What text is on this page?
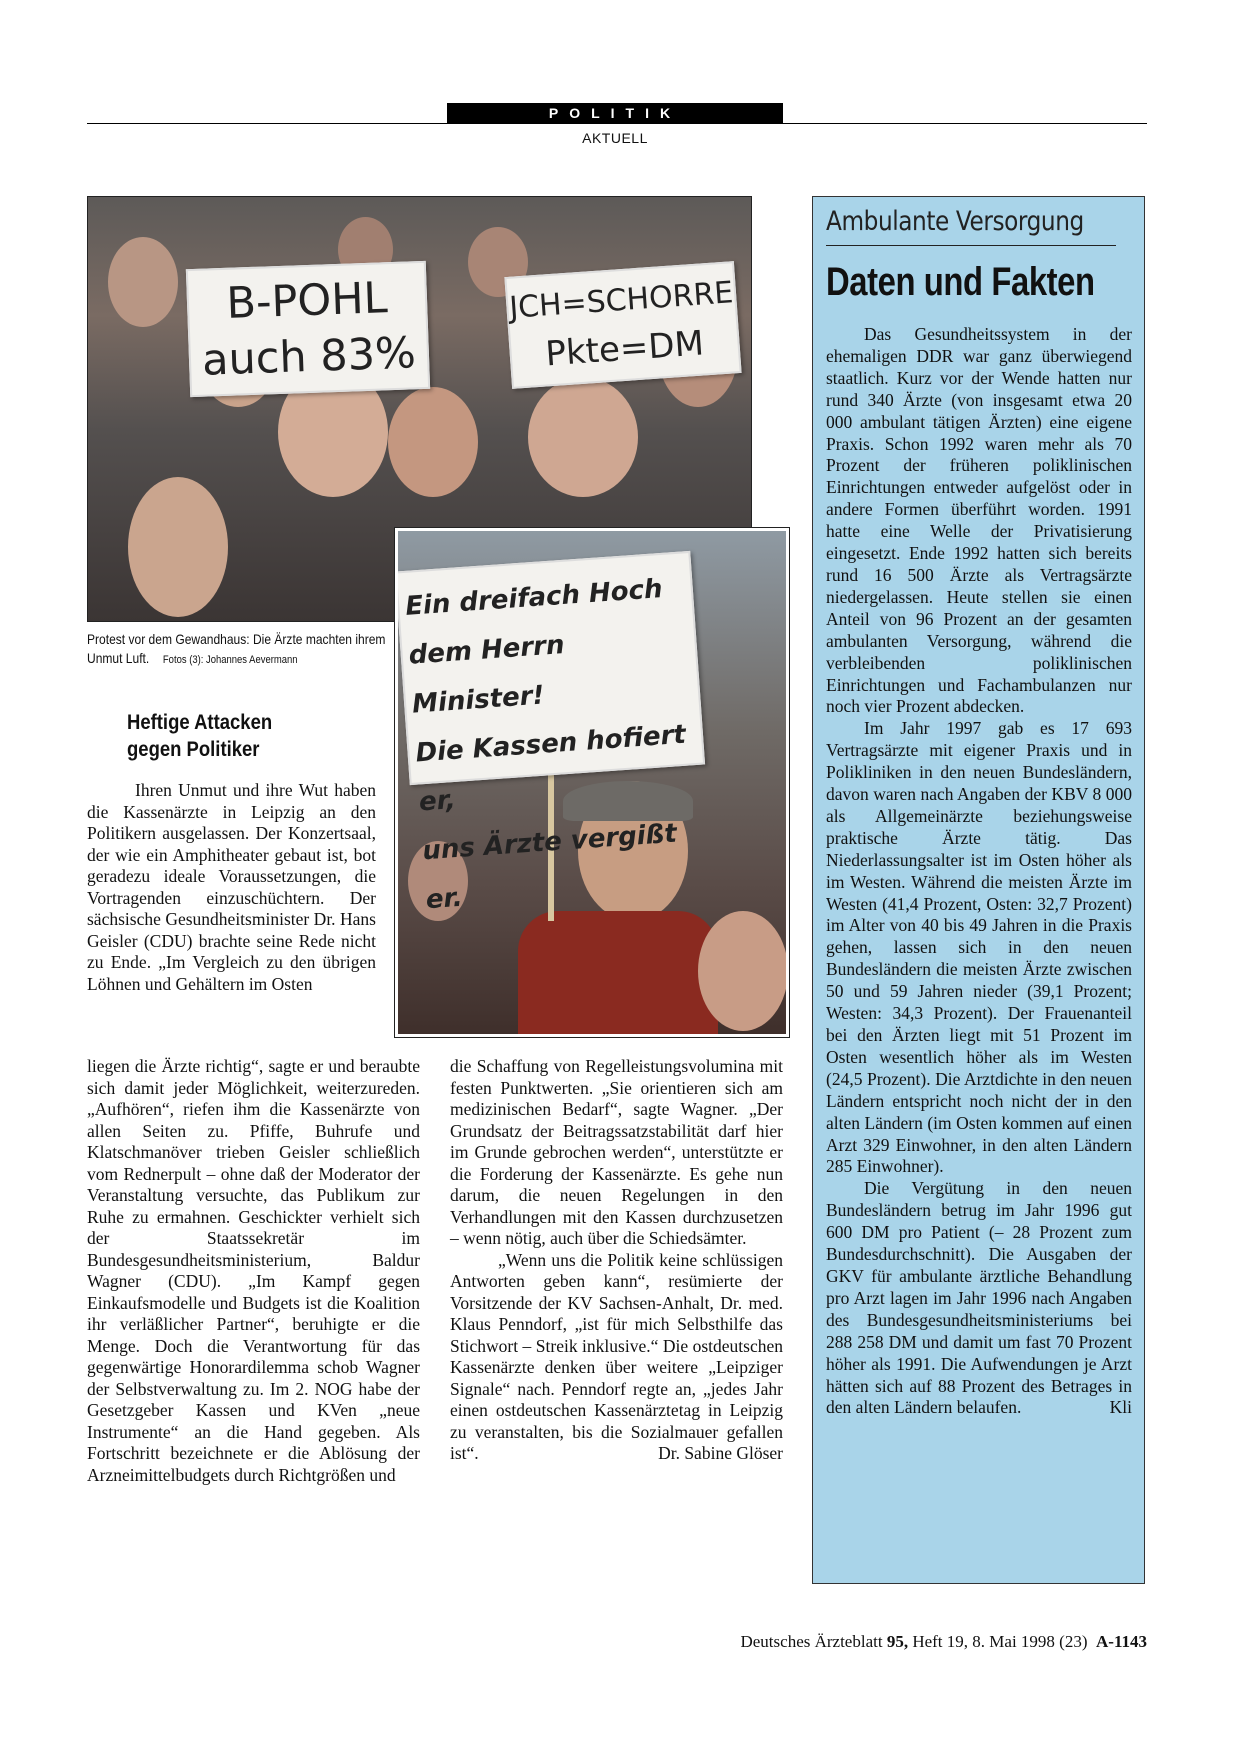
POLITIK
AKTUELL
B-POHL
auch 83%
JCH=SCHORRE
Pkte=DM
Ein dreifach Hoch
dem Herrn Minister!
Die Kassen hofiert er,
uns Ärzte vergißt er.
Protest vor dem Gewandhaus: Die Ärzte machten ihrem Unmut Luft. Fotos (3): Johannes Aevermann
Heftige Attacken
gegen Politiker

Ihren Unmut und ihre Wut haben die Kassenärzte in Leipzig an den Politikern ausgelassen. Der Konzertsaal, der wie ein Amphitheater gebaut ist, bot geradezu ideale Voraussetzungen, die Vortragenden einzuschüchtern. Der sächsische Gesundheitsminister Dr. Hans Geisler (CDU) brachte seine Rede nicht zu Ende. „Im Vergleich zu den übrigen Löhnen und Gehältern im Osten

liegen die Ärzte richtig“, sagte er und beraubte sich damit jeder Möglichkeit, weiterzureden. „Aufhören“, riefen ihm die Kassenärzte von allen Seiten zu. Pfiffe, Buhrufe und Klatschmanöver trieben Geisler schließlich vom Rednerpult – ohne daß der Moderator der Veranstaltung versuchte, das Publikum zur Ruhe zu ermahnen. Geschickter verhielt sich der Staatssekretär im Bundesgesundheitsministerium, Baldur Wagner (CDU). „Im Kampf gegen Einkaufsmodelle und Budgets ist die Koalition ihr verläßlicher Partner“, beruhigte er die Menge. Doch die Verantwortung für das gegenwärtige Honorardilemma schob Wagner der Selbstverwaltung zu. Im 2. NOG habe der Gesetzgeber Kassen und KVen „neue Instrumente“ an die Hand gegeben. Als Fortschritt bezeichnete er die Ablösung der Arzneimittelbudgets durch Richtgrößen und

die Schaffung von Regelleistungsvolumina mit festen Punktwerten. „Sie orientieren sich am medizinischen Bedarf“, sagte Wagner. „Der Grundsatz der Beitragssatzstabilität darf hier im Grunde gebrochen werden“, unterstützte er die Forderung der Kassenärzte. Es gehe nun darum, die neuen Regelungen in den Verhandlungen mit den Kassen durchzusetzen – wenn nötig, auch über die Schiedsämter.

„Wenn uns die Politik keine schlüssigen Antworten geben kann“, resümierte der Vorsitzende der KV Sachsen-Anhalt, Dr. med. Klaus Penndorf, „ist für mich Selbsthilfe das Stichwort – Streik inklusive.“ Die ostdeutschen Kassenärzte denken über weitere „Leipziger Signale“ nach. Penndorf regte an, „jedes Jahr einen ostdeutschen Kassenärztetag in Leipzig zu veranstalten, bis die Sozialmauer gefallen ist“.	Dr. Sabine Glöser

Ambulante Versorgung
Daten und Fakten

Das Gesundheitssystem in der ehemaligen DDR war ganz überwiegend staatlich. Kurz vor der Wende hatten nur rund 340 Ärzte (von insgesamt etwa 20 000 ambulant tätigen Ärzten) eine eigene Praxis. Schon 1992 waren mehr als 70 Prozent der früheren poliklinischen Einrichtungen entweder aufgelöst oder in andere Formen überführt worden. 1991 hatte eine Welle der Privatisierung eingesetzt. Ende 1992 hatten sich bereits rund 16 500 Ärzte als Vertragsärzte niedergelassen. Heute stellen sie einen Anteil von 96 Prozent an der gesamten ambulanten Versorgung, während die verbleibenden poliklinischen Einrichtungen und Fachambulanzen nur noch vier Prozent abdecken.

Im Jahr 1997 gab es 17 693 Vertragsärzte mit eigener Praxis und in Polikliniken in den neuen Bundesländern, davon waren nach Angaben der KBV 8 000 als Allgemeinärzte beziehungsweise praktische Ärzte tätig. Das Niederlassungsalter ist im Osten höher als im Westen. Während die meisten Ärzte im Westen (41,4 Prozent, Osten: 32,7 Prozent) im Alter von 40 bis 49 Jahren in die Praxis gehen, lassen sich in den neuen Bundesländern die meisten Ärzte zwischen 50 und 59 Jahren nieder (39,1 Prozent; Westen: 34,3 Prozent). Der Frauenanteil bei den Ärzten liegt mit 51 Prozent im Osten wesentlich höher als im Westen (24,5 Prozent). Die Arztdichte in den neuen Ländern entspricht noch nicht der in den alten Ländern (im Osten kommen auf einen Arzt 329 Einwohner, in den alten Ländern 285 Einwohner).

Die Vergütung in den neuen Bundesländern betrug im Jahr 1996 gut 600 DM pro Patient (– 28 Prozent zum Bundesdurchschnitt). Die Ausgaben der GKV für ambulante ärztliche Behandlung pro Arzt lagen im Jahr 1996 nach Angaben des Bundesgesundheitsministeriums bei 288 258 DM und damit um fast 70 Prozent höher als 1991. Die Aufwendungen je Arzt hätten sich auf 88 Prozent des Betrages in den alten Ländern belaufen.	Kli

Deutsches Ärzteblatt 95, Heft 19, 8. Mai 1998 (23) A-1143
